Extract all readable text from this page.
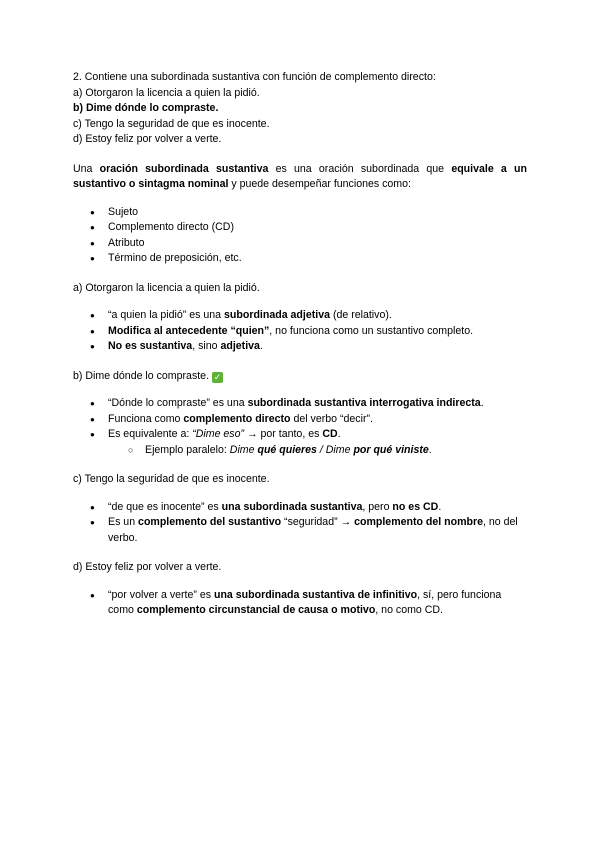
2. Contiene una subordinada sustantiva con función de complemento directo:

a) Otorgaron la licencia a quien la pidió.

b) Dime dónde lo compraste.

c) Tengo la seguridad de que es inocente.

d) Estoy feliz por volver a verte.

Una oración subordinada sustantiva es una oración subordinada que equivale a un sustantivo o sintagma nominal y puede desempeñar funciones como:

● Sujeto
● Complemento directo (CD)
● Atributo
● Término de preposición, etc.

a) Otorgaron la licencia a quien la pidió.

● “a quien la pidió” es una subordinada adjetiva (de relativo).
● Modifica al antecedente “quien”, no funciona como un sustantivo completo.
● No es sustantiva, sino adjetiva.

b) Dime dónde lo compraste. ✓

● “Dónde lo compraste” es una subordinada sustantiva interrogativa indirecta.
● Funciona como complemento directo del verbo “decir”.
● Es equivalente a: “Dime eso” → por tanto, es CD.
○ Ejemplo paralelo: Dime qué quieres / Dime por qué viniste.

c) Tengo la seguridad de que es inocente.

● “de que es inocente” es una subordinada sustantiva, pero no es CD.
● Es un complemento del sustantivo “seguridad” → complemento del nombre, no del verbo.

d) Estoy feliz por volver a verte.

● “por volver a verte” es una subordinada sustantiva de infinitivo, sí, pero funciona como complemento circunstancial de causa o motivo, no como CD.
